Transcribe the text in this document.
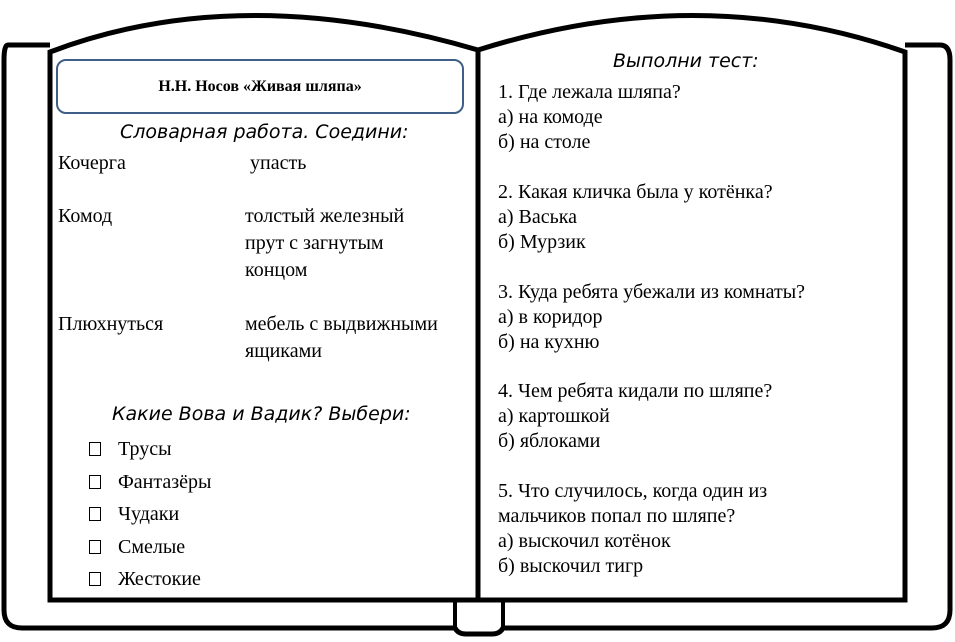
Н.Н. Носов «Живая шляпа»
Словарная работа. Соедини:
Кочерга	упасть
Комод	толстый железный
прут с загнутым
концом
Плюхнуться	мебель с выдвижными
ящиками
Какие Вова и Вадик? Выбери:
Трусы
Фантазёры
Чудаки
Смелые
Жестокие
Выполни тест:
1. Где лежала шляпа?
а) на комоде
б) на столе
2. Какая кличка была у котёнка?
а) Васька
б) Мурзик
3. Куда ребята убежали из комнаты?
а) в коридор
б) на кухню
4. Чем ребята кидали по шляпе?
а) картошкой
б) яблоками
5. Что случилось, когда один из
мальчиков попал по шляпе?
а) выскочил котёнок
б) выскочил тигр
